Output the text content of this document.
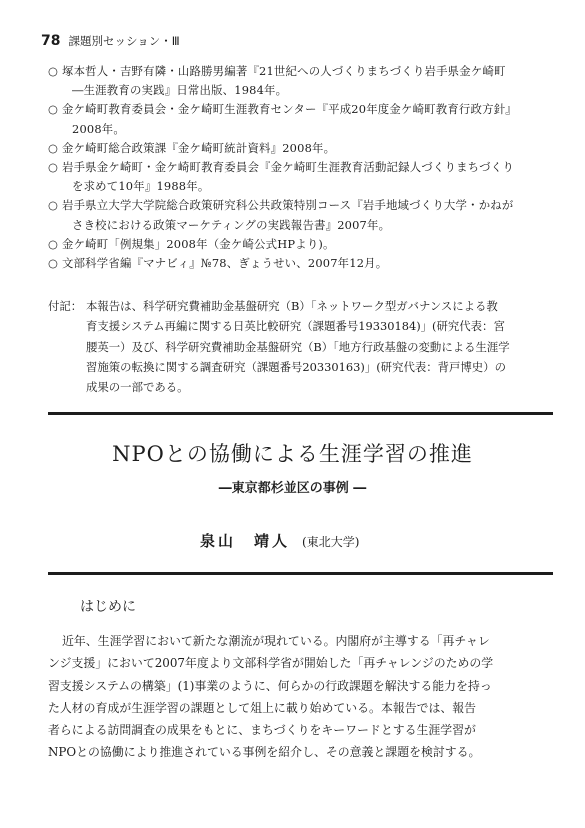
78 課題別セッション・Ⅲ
○ 塚本哲人・吉野有隣・山路勝男編著『21世紀への人づくりまちづくり岩手県金ケ崎町
―生涯教育の実践』日常出版、1984年。
○ 金ケ崎町教育委員会・金ケ崎町生涯教育センター『平成20年度金ケ崎町教育行政方針』
2008年。
○ 金ケ崎町総合政策課『金ケ崎町統計資料』2008年。
○ 岩手県金ケ崎町・金ケ崎町教育委員会『金ケ崎町生涯教育活動記録人づくりまちづくり
を求めて10年』1988年。
○ 岩手県立大学大学院総合政策研究科公共政策特別コース『岩手地域づくり大学・かねが
さき校における政策マーケティングの実践報告書』2007年。
○ 金ケ崎町「例規集」2008年（金ケ崎公式HPより)。
○ 文部科学省編『マナビィ』№78、ぎょうせい、2007年12月。
付記： 本報告は、科学研究費補助金基盤研究（B）「ネットワーク型ガバナンスによる教
育支援システム再編に関する日英比較研究（課題番号19330184)」(研究代表：宮
腰英一）及び、科学研究費補助金基盤研究（B）「地方行政基盤の変動による生涯学
習施策の転換に関する調査研究（課題番号20330163)」(研究代表：背戸博史）の
成果の一部である。
NPOとの協働による生涯学習の推進
―東京都杉並区の事例 ―
泉山　靖人 (東北大学)
はじめに
近年、生涯学習において新たな潮流が現れている。内閣府が主導する「再チャレ
ンジ支援」において2007年度より文部科学省が開始した「再チャレンジのための学
習支援システムの構築」(1)事業のように、何らかの行政課題を解決する能力を持っ
た人材の育成が生涯学習の課題として俎上に載り始めている。本報告では、報告
者らによる訪問調査の成果をもとに、まちづくりをキーワードとする生涯学習が
NPOとの協働により推進されている事例を紹介し、その意義と課題を検討する。
